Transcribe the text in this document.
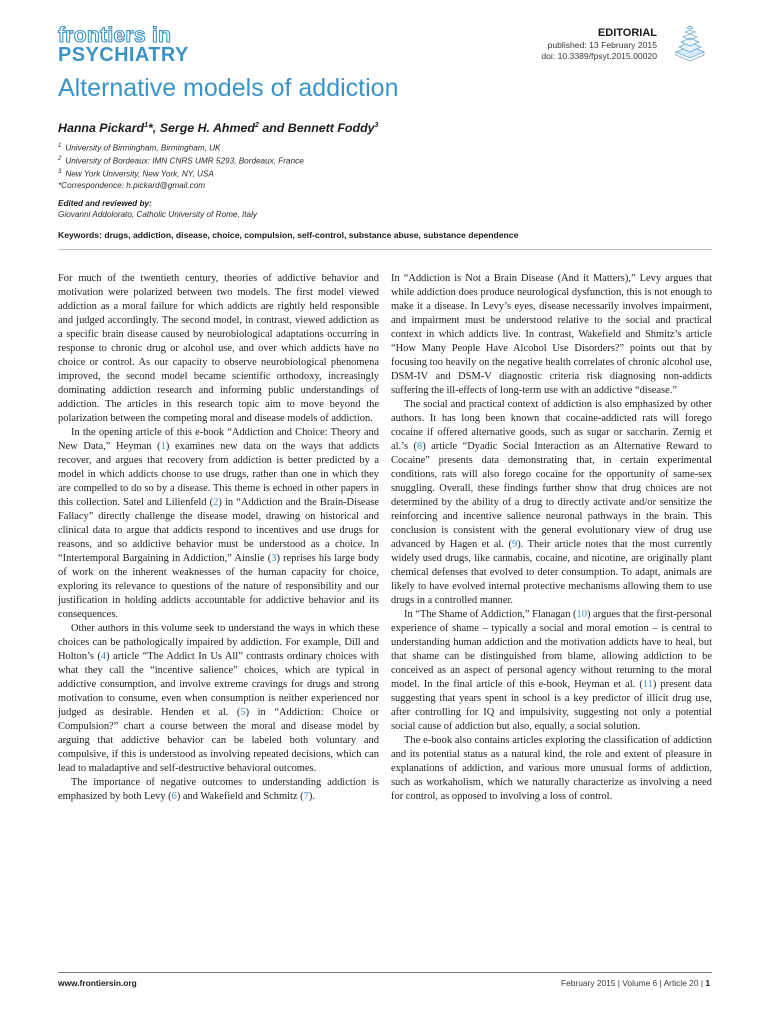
frontiers in
PSYCHIATRY
EDITORIAL
published: 13 February 2015
doi: 10.3389/fpsyt.2015.00020
Alternative models of addiction
Hanna Pickard$^1$*, Serge H. Ahmed$^2$ and Bennett Foddy$^3$
$^1$ University of Birmingham, Birmingham, UK
$^2$ University of Bordeaux: IMN CNRS UMR 5293, Bordeaux, France
$^3$ New York University, New York, NY, USA
*Correspondence: h.pickard@gmail.com
Edited and reviewed by:
Giovanni Addolorato, Catholic University of Rome, Italy
Keywords: drugs, addiction, disease, choice, compulsion, self-control, substance abuse, substance dependence

For much of the twentieth century, theories of addictive behavior and motivation were polarized between two models. The first model viewed addiction as a moral failure for which addicts are rightly held responsible and judged accordingly. The second model, in contrast, viewed addiction as a specific brain disease caused by neurobiological adaptations occurring in response to chronic drug or alcohol use, and over which addicts have no choice or control. As our capacity to observe neurobiological phenomena improved, the second model became scientific orthodoxy, increasingly dominating addiction research and informing public understandings of addiction. The articles in this research topic aim to move beyond the polarization between the competing moral and disease models of addiction.

In the opening article of this e-book “Addiction and Choice: Theory and New Data,” Heyman (1) examines new data on the ways that addicts recover, and argues that recovery from addiction is better predicted by a model in which addicts choose to use drugs, rather than one in which they are compelled to do so by a disease. This theme is echoed in other papers in this collection. Satel and Lilienfeld (2) in “Addiction and the Brain-Disease Fallacy” directly challenge the disease model, drawing on historical and clinical data to argue that addicts respond to incentives and use drugs for reasons, and so addictive behavior must be understood as a choice. In “Intertemporal Bargaining in Addiction,” Ainslie (3) reprises his large body of work on the inherent weaknesses of the human capacity for choice, exploring its relevance to questions of the nature of responsibility and our justification in holding addicts accountable for addictive behavior and its consequences.

Other authors in this volume seek to understand the ways in which these choices can be pathologically impaired by addiction. For example, Dill and Holton’s (4) article “The Addict In Us All” contrasts ordinary choices with what they call the “incentive salience” choices, which are typical in addictive consumption, and involve extreme cravings for drugs and strong motivation to consume, even when consumption is neither experienced nor judged as desirable. Henden et al. (5) in “Addiction: Choice or Compulsion?” chart a course between the moral and disease model by arguing that addictive behavior can be labeled both voluntary and compulsive, if this is understood as involving repeated decisions, which can lead to maladaptive and self-destructive behavioral outcomes.

The importance of negative outcomes to understanding addiction is emphasized by both Levy (6) and Wakefield and Schmitz (7).

In “Addiction is Not a Brain Disease (And it Matters),” Levy argues that while addiction does produce neurological dysfunction, this is not enough to make it a disease. In Levy’s eyes, disease necessarily involves impairment, and impairment must be understood relative to the social and practical context in which addicts live. In contrast, Wakefield and Shmitz’s article “How Many People Have Alcohol Use Disorders?” points out that by focusing too heavily on the negative health correlates of chronic alcohol use, DSM-IV and DSM-V diagnostic criteria risk diagnosing non-addicts suffering the ill-effects of long-term use with an addictive “disease.”

The social and practical context of addiction is also emphasized by other authors. It has long been known that cocaine-addicted rats will forego cocaine if offered alternative goods, such as sugar or saccharin. Zernig et al.’s (8) article “Dyadic Social Interaction as an Alternative Reward to Cocaine” presents data demonstrating that, in certain experimental conditions, rats will also forego cocaine for the opportunity of same-sex snuggling. Overall, these findings further show that drug choices are not determined by the ability of a drug to directly activate and/or sensitize the reinforcing and incentive salience neuronal pathways in the brain. This conclusion is consistent with the general evolutionary view of drug use advanced by Hagen et al. (9). Their article notes that the most currently widely used drugs, like cannabis, cocaine, and nicotine, are originally plant chemical defenses that evolved to deter consumption. To adapt, animals are likely to have evolved internal protective mechanisms allowing them to use drugs in a controlled manner.

In “The Shame of Addiction,” Flanagan (10) argues that the first-personal experience of shame – typically a social and moral emotion – is central to understanding human addiction and the motivation addicts have to heal, but that shame can be distinguished from blame, allowing addiction to be conceived as an aspect of personal agency without returning to the moral model. In the final article of this e-book, Heyman et al. (11) present data suggesting that years spent in school is a key predictor of illicit drug use, after controlling for IQ and impulsivity, suggesting not only a potential social cause of addiction but also, equally, a social solution.

The e-book also contains articles exploring the classification of addiction and its potential status as a natural kind, the role and extent of pleasure in explanations of addiction, and various more unusual forms of addiction, such as workaholism, which we naturally characterize as involving a need for control, as opposed to involving a loss of control.

www.frontiersin.org	February 2015 | Volume 6 | Article 20 | 1
